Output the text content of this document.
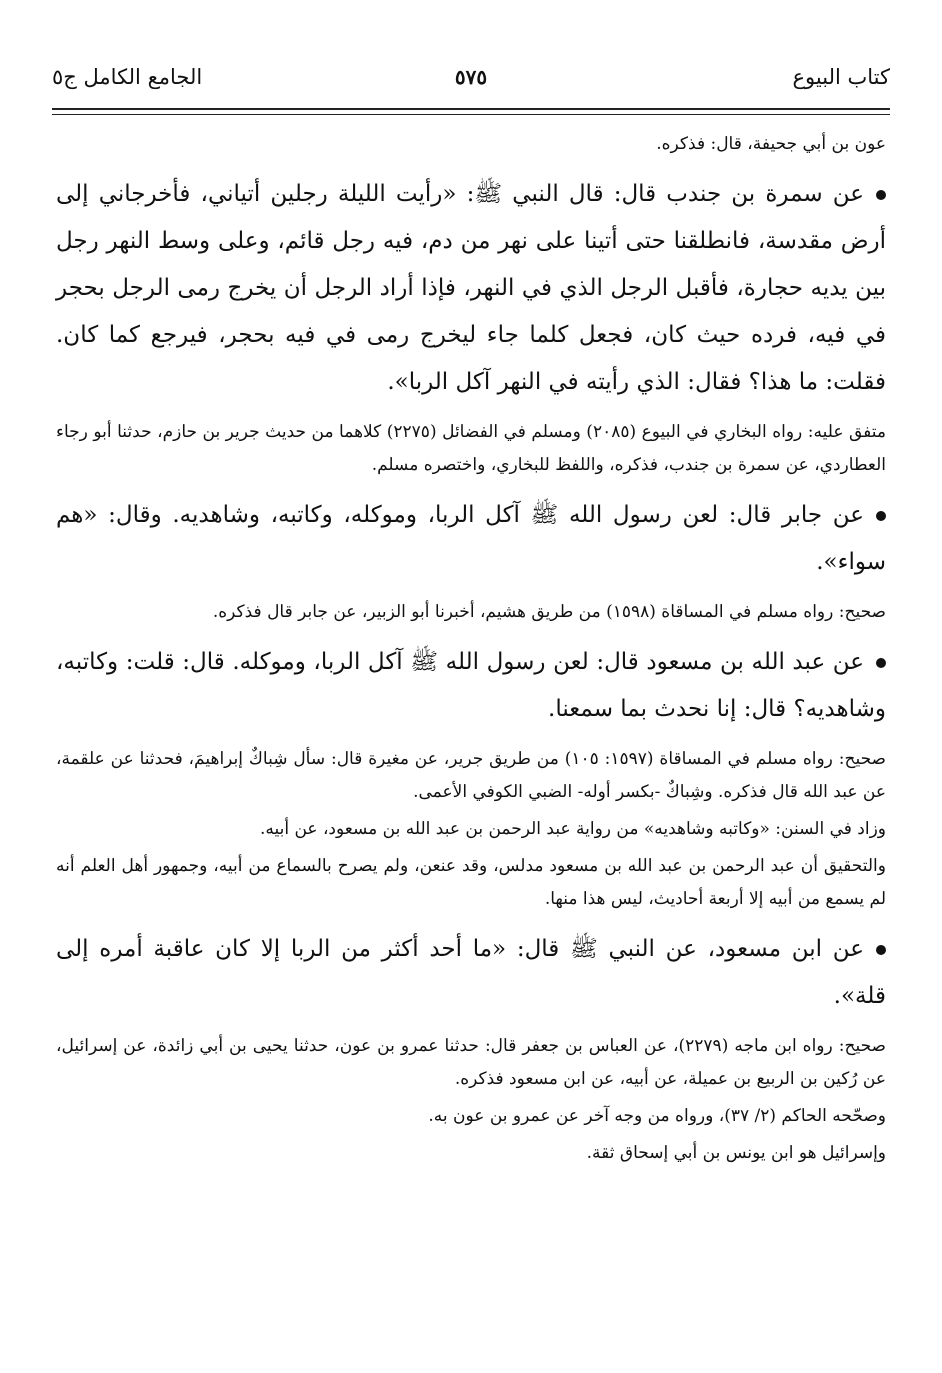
كتاب البيوع
٥٧٥
الجامع الكامل ج٥

عون بن أبي جحيفة، قال: فذكره.

عن سمرة بن جندب قال: قال النبي ﷺ: «رأيت الليلة رجلين أتياني، فأخرجاني إلى أرض مقدسة، فانطلقنا حتى أتينا على نهر من دم، فيه رجل قائم، وعلى وسط النهر رجل بين يديه حجارة، فأقبل الرجل الذي في النهر، فإذا أراد الرجل أن يخرج رمى الرجل بحجر في فيه، فرده حيث كان، فجعل كلما جاء ليخرج رمى في فيه بحجر، فيرجع كما كان. فقلت: ما هذا؟ فقال: الذي رأيته في النهر آكل الربا».

متفق عليه: رواه البخاري في البيوع (٢٠٨٥) ومسلم في الفضائل (٢٢٧٥) كلاهما من حديث جرير بن حازم، حدثنا أبو رجاء العطاردي، عن سمرة بن جندب، فذكره، واللفظ للبخاري، واختصره مسلم.

عن جابر قال: لعن رسول الله ﷺ آكل الربا، وموكله، وكاتبه، وشاهديه. وقال: «هم سواء».

صحيح: رواه مسلم في المساقاة (١٥٩٨) من طريق هشيم، أخبرنا أبو الزبير، عن جابر قال فذكره.

عن عبد الله بن مسعود قال: لعن رسول الله ﷺ آكل الربا، وموكله. قال: قلت: وكاتبه، وشاهديه؟ قال: إنا نحدث بما سمعنا.

صحيح: رواه مسلم في المساقاة (١٥٩٧: ١٠٥) من طريق جرير، عن مغيرة قال: سأل شِباكٌ إبراهيمَ، فحدثنا عن علقمة، عن عبد الله قال فذكره. وشِباكٌ -بكسر أوله- الضبي الكوفي الأعمى.

وزاد في السنن: «وكاتبه وشاهديه» من رواية عبد الرحمن بن عبد الله بن مسعود، عن أبيه.

والتحقيق أن عبد الرحمن بن عبد الله بن مسعود مدلس، وقد عنعن، ولم يصرح بالسماع من أبيه، وجمهور أهل العلم أنه لم يسمع من أبيه إلا أربعة أحاديث، ليس هذا منها.

عن ابن مسعود، عن النبي ﷺ قال: «ما أحد أكثر من الربا إلا كان عاقبة أمره إلى قلة».

صحيح: رواه ابن ماجه (٢٢٧٩)، عن العباس بن جعفر قال: حدثنا عمرو بن عون، حدثنا يحيى بن أبي زائدة، عن إسرائيل، عن رُكين بن الربيع بن عميلة، عن أبيه، عن ابن مسعود فذكره.

وصحّحه الحاكم (٢/ ٣٧)، ورواه من وجه آخر عن عمرو بن عون به.

وإسرائيل هو ابن يونس بن أبي إسحاق ثقة.
